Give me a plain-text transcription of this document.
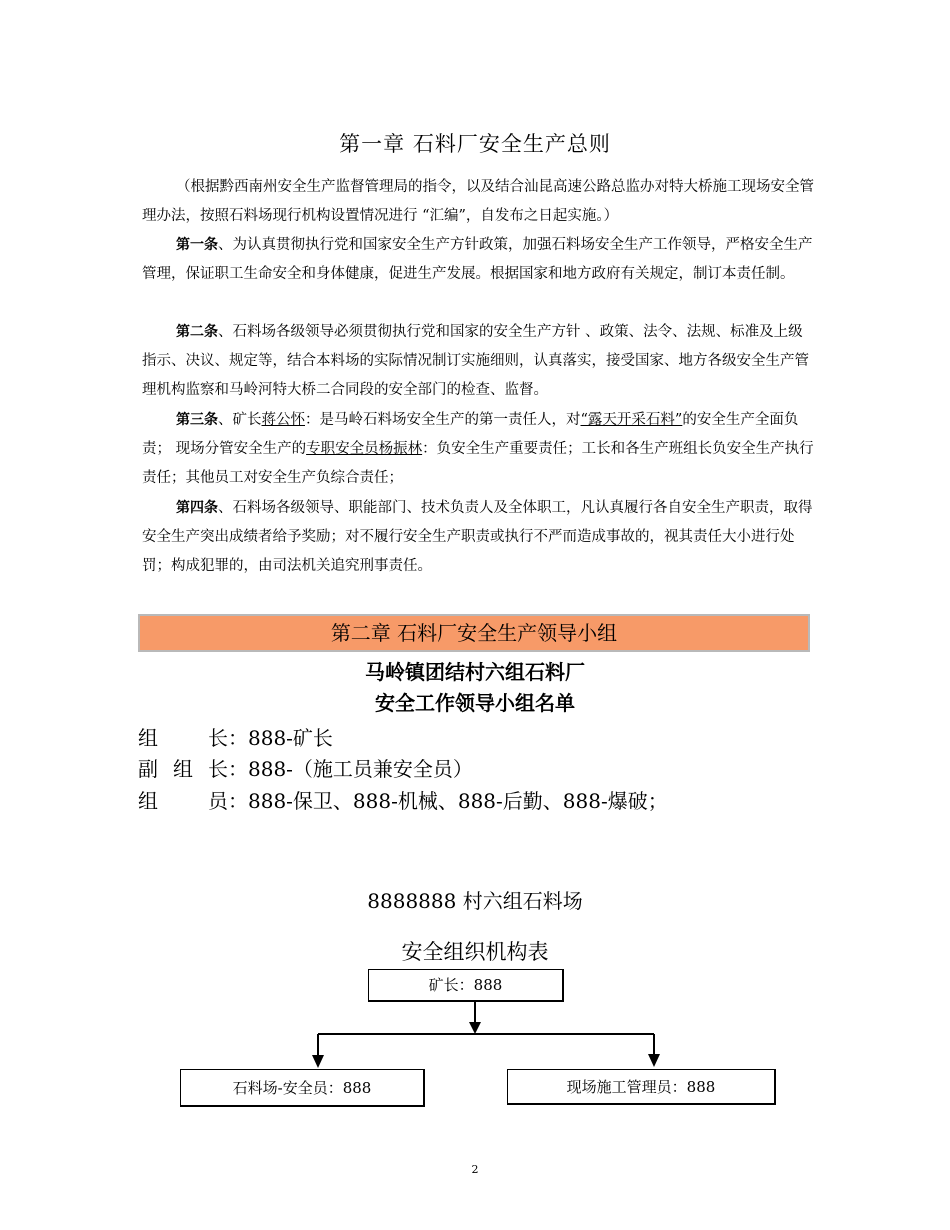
第一章 石料厂安全生产总则
（根据黔西南州安全生产监督管理局的指令，以及结合汕昆高速公路总监办对特大桥施工现场安全管理办法，按照石料场现行机构设置情况进行 “汇编”，自发布之日起实施。）
第一条、为认真贯彻执行党和国家安全生产方针政策，加强石料场安全生产工作领导，严格安全生产管理，保证职工生命安全和身体健康，促进生产发展。根据国家和地方政府有关规定，制订本责任制。
第二条、石料场各级领导必须贯彻执行党和国家的安全生产方针 、政策、法令、法规、标准及上级指示、决议、规定等，结合本料场的实际情况制订实施细则，认真落实，接受国家、地方各级安全生产管理机构监察和马岭河特大桥二合同段的安全部门的检查、监督。
第三条、矿长蒋公怀：是马岭石料场安全生产的第一责任人，对“露天开采石料”的安全生产全面负责； 现场分管安全生产的专职安全员杨振林：负安全生产重要责任；工长和各生产班组长负安全生产执行责任；其他员工对安全生产负综合责任；
第四条、石料场各级领导、职能部门、技术负责人及全体职工，凡认真履行各自安全生产职责，取得安全生产突出成绩者给予奖励；对不履行安全生产职责或执行不严而造成事故的，视其责任大小进行处罚；构成犯罪的，由司法机关追究刑事责任。
第二章 石料厂安全生产领导小组
马岭镇团结村六组石料厂
安全工作领导小组名单
组长：888-矿长
副组长：888-（施工员兼安全员）
组员：888-保卫、888-机械、888-后勤、888-爆破；
8888888 村六组石料场
安全组织机构表
矿长：888
石料场-安全员：888	现场施工管理员：888
2
